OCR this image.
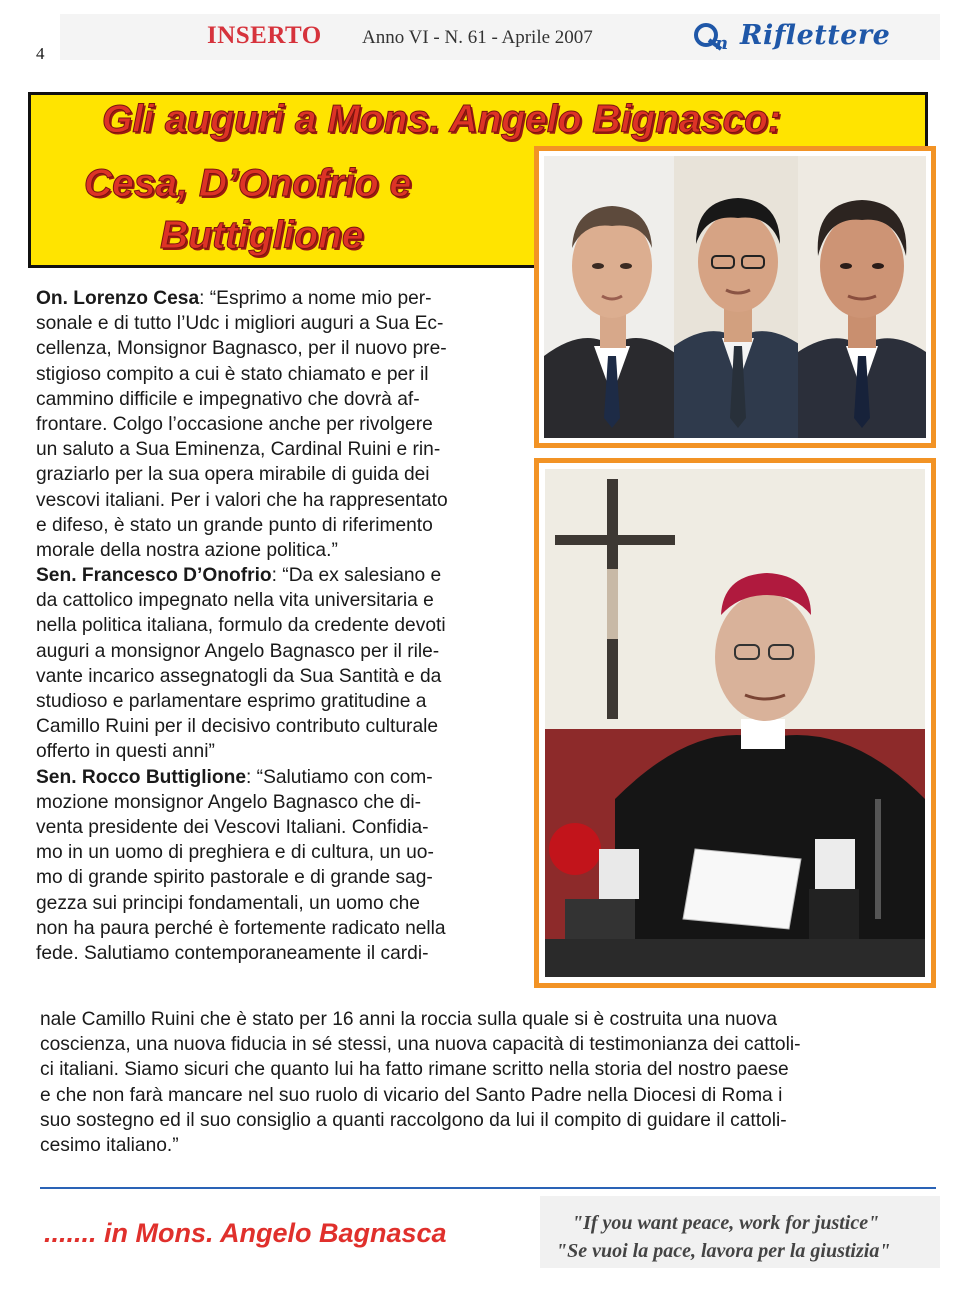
4
INSERTO Anno VI - N. 61 - Aprile 2007	n Riflettere
Gli auguri a Mons. Angelo Bignasco:
Cesa, D’Onofrio e
Buttiglione
On. Lorenzo Cesa: “Esprimo a nome mio per-
sonale e di tutto l’Udc i migliori auguri a Sua Ec-
cellenza, Monsignor Bagnasco, per il nuovo pre-
stigioso compito a cui è stato chiamato e per il
cammino difficile e impegnativo che dovrà af-
frontare. Colgo l’occasione anche per rivolgere
un saluto a Sua Eminenza, Cardinal Ruini e rin-
graziarlo per la sua opera mirabile di guida dei
vescovi italiani. Per i valori che ha rappresentato
e difeso, è stato un grande punto di riferimento
morale della nostra azione politica.”
Sen. Francesco D’Onofrio: “Da ex salesiano e
da cattolico impegnato nella vita universitaria e
nella politica italiana, formulo da credente devoti
auguri a monsignor Angelo Bagnasco per il rile-
vante incarico assegnatogli da Sua Santità e da
studioso e parlamentare esprimo gratitudine a
Camillo Ruini per il decisivo contributo culturale
offerto in questi anni”
Sen. Rocco Buttiglione: “Salutiamo con com-
mozione monsignor Angelo Bagnasco che di-
venta presidente dei Vescovi Italiani. Confidia-
mo in un uomo di preghiera e di cultura, un uo-
mo di grande spirito pastorale e di grande sag-
gezza sui principi fondamentali, un uomo che
non ha paura perché è fortemente radicato nella
fede. Salutiamo contemporaneamente il cardi-
nale Camillo Ruini che è stato per 16 anni la roccia sulla quale si è costruita una nuova
coscienza, una nuova fiducia in sé stessi, una nuova capacità di testimonianza dei cattoli-
ci italiani. Siamo sicuri che quanto lui ha fatto rimane scritto nella storia del nostro paese
e che non farà mancare nel suo ruolo di vicario del Santo Padre nella Diocesi di Roma i
suo sostegno ed il suo consiglio a quanti raccolgono da lui il compito di guidare il cattoli-
cesimo italiano.”
....... in Mons. Angelo Bagnasca	"If you want peace, work for justice"
"Se vuoi la pace, lavora per la giustizia"
